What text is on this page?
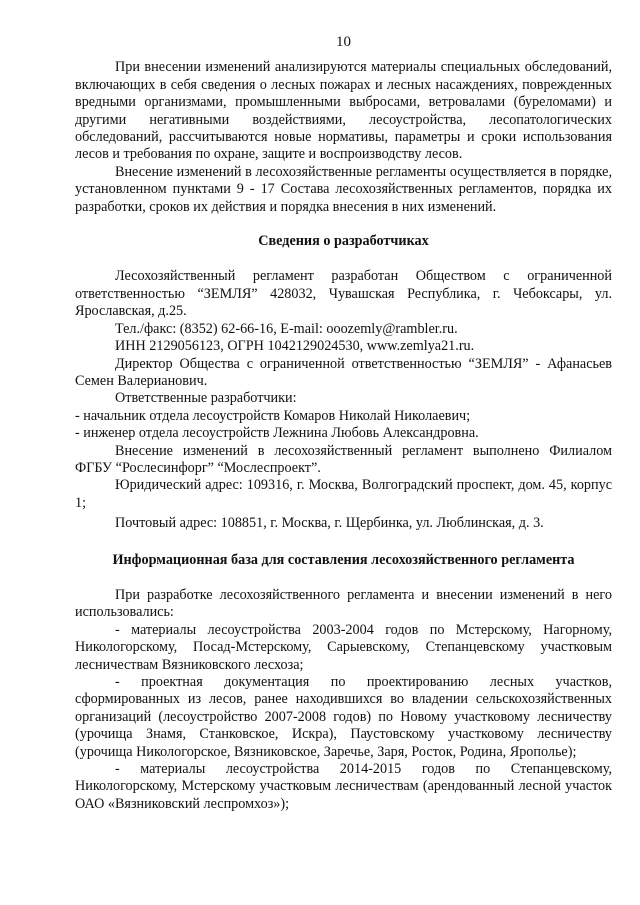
10

При внесении изменений анализируются материалы специальных обследований, включающих в себя сведения о лесных пожарах и лесных насаждениях, поврежденных вредными организмами, промышленными выбросами, ветровалами (буреломами) и другими негативными воздействиями, лесоустройства, лесопатологических обследований, рассчитываются новые нормативы, параметры и сроки использования лесов и требования по охране, защите и воспроизводству лесов.

Внесение изменений в лесохозяйственные регламенты осуществляется в порядке, установленном пунктами 9 - 17 Состава лесохозяйственных регламентов, порядка их разработки, сроков их действия и порядка внесения в них изменений.

Сведения о разработчиках

Лесохозяйственный регламент разработан Обществом с ограниченной ответственностью “ЗЕМЛЯ” 428032, Чувашская Республика, г. Чебоксары, ул. Ярославская, д.25.

Тел./факс: (8352) 62-66-16, E-mail: ооozemly@rambler.ru.

ИНН 2129056123, ОГРН 1042129024530, www.zemlya21.ru.

Директор Общества с ограниченной ответственностью “ЗЕМЛЯ” - Афанасьев Семен Валерианович.

Ответственные разработчики:

- начальник отдела лесоустройств Комаров Николай Николаевич;

- инженер отдела лесоустройств Лежнина Любовь Александровна.

Внесение изменений в лесохозяйственный регламент выполнено Филиалом ФГБУ “Рослесинфорг” “Мослеспроект”.

Юридический адрес: 109316, г. Москва, Волгоградский проспект, дом. 45, корпус 1;

Почтовый адрес: 108851, г. Москва, г. Щербинка, ул. Люблинская, д. 3.

Информационная база для составления лесохозяйственного регламента

При разработке лесохозяйственного регламента и внесении изменений в него использовались:

- материалы лесоустройства 2003-2004 годов по Мстерскому, Нагорному, Никологорскому, Посад-Мстерскому, Сарыевскому, Степанцевскому участковым лесничествам Вязниковского лесхоза;

- проектная документация по проектированию лесных участков, сформированных из лесов, ранее находившихся во владении сельскохозяйственных организаций (лесоустройство 2007-2008 годов) по Новому участковому лесничеству (урочища Знамя, Станковское, Искра), Паустовскому участковому лесничеству (урочища Никологорское, Вязниковское, Заречье, Заря, Росток, Родина, Яропольe);

- материалы лесоустройства 2014-2015 годов по Степанцевскому, Никологорскому, Мстерскому участковым лесничествам (арендованный лесной участок ОАО «Вязниковский леспромхоз»);
